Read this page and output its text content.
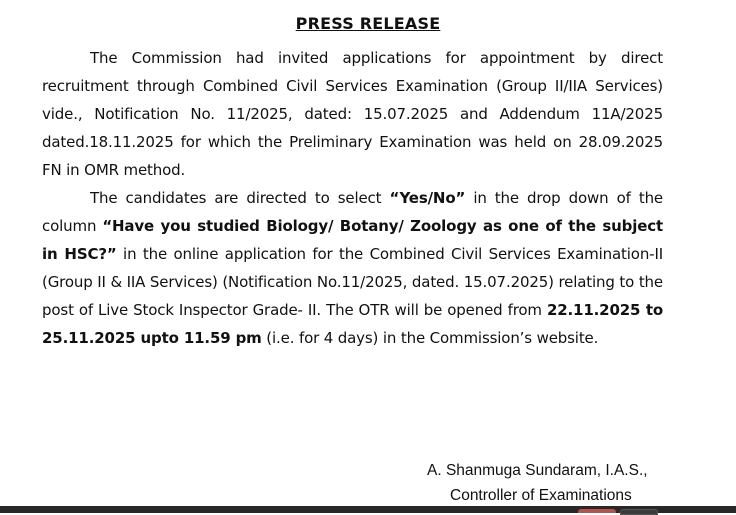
PRESS RELEASE

The Commission had invited applications for appointment by direct recruitment through Combined Civil Services Examination (Group II/IIA Services) vide., Notification No. 11/2025, dated: 15.07.2025 and Addendum 11A/2025 dated.18.11.2025 for which the Preliminary Examination was held on 28.09.2025 FN in OMR method.

The candidates are directed to select “Yes/No” in the drop down of the column “Have you studied Biology/ Botany/ Zoology as one of the subject in HSC?” in the online application for the Combined Civil Services Examination-II (Group II & IIA Services) (Notification No.11/2025, dated. 15.07.2025) relating to the post of Live Stock Inspector Grade- II. The OTR will be opened from 22.11.2025 to 25.11.2025 upto 11.59 pm (i.e. for 4 days) in the Commission’s website.

A. Shanmuga Sundaram, I.A.S.,
Controller of Examinations
